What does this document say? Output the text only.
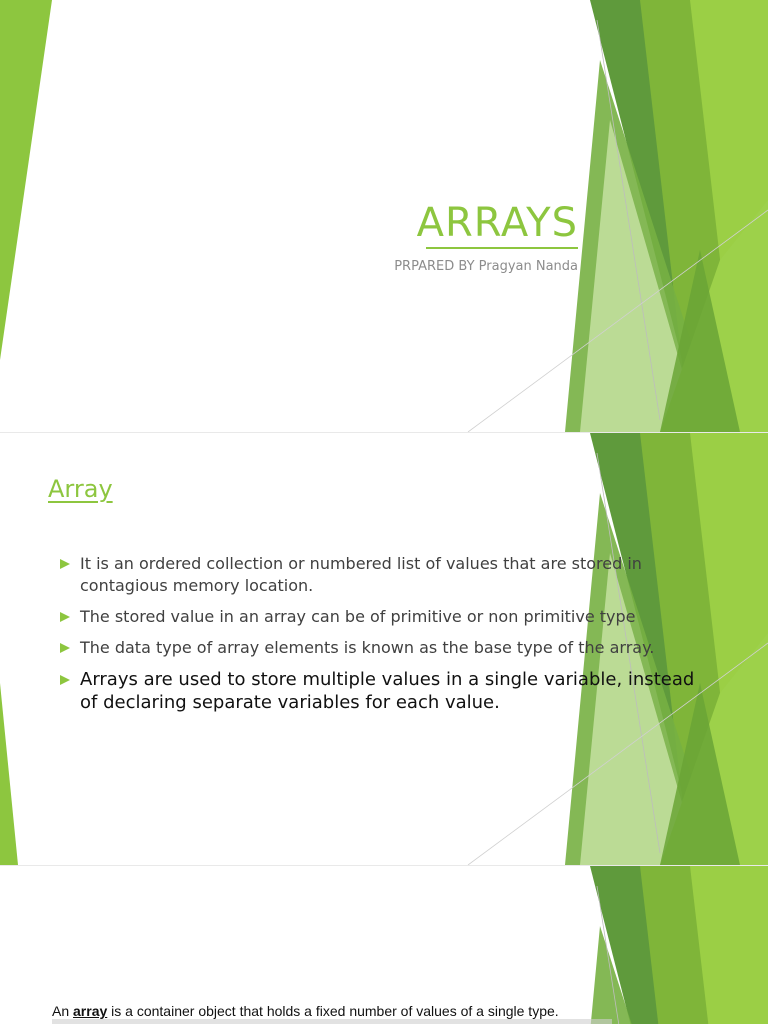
ARRAYS
PRPARED BY Pragyan Nanda
Array
It is an ordered collection or numbered list of values that are stored in contagious memory location.
The stored value in an array can be of primitive or non primitive type
The data type of array elements is known as the base type of the array.
Arrays are used to store multiple values in a single variable, instead of declaring separate variables for each value.
An array is a container object that holds a fixed number of values of a single type.
